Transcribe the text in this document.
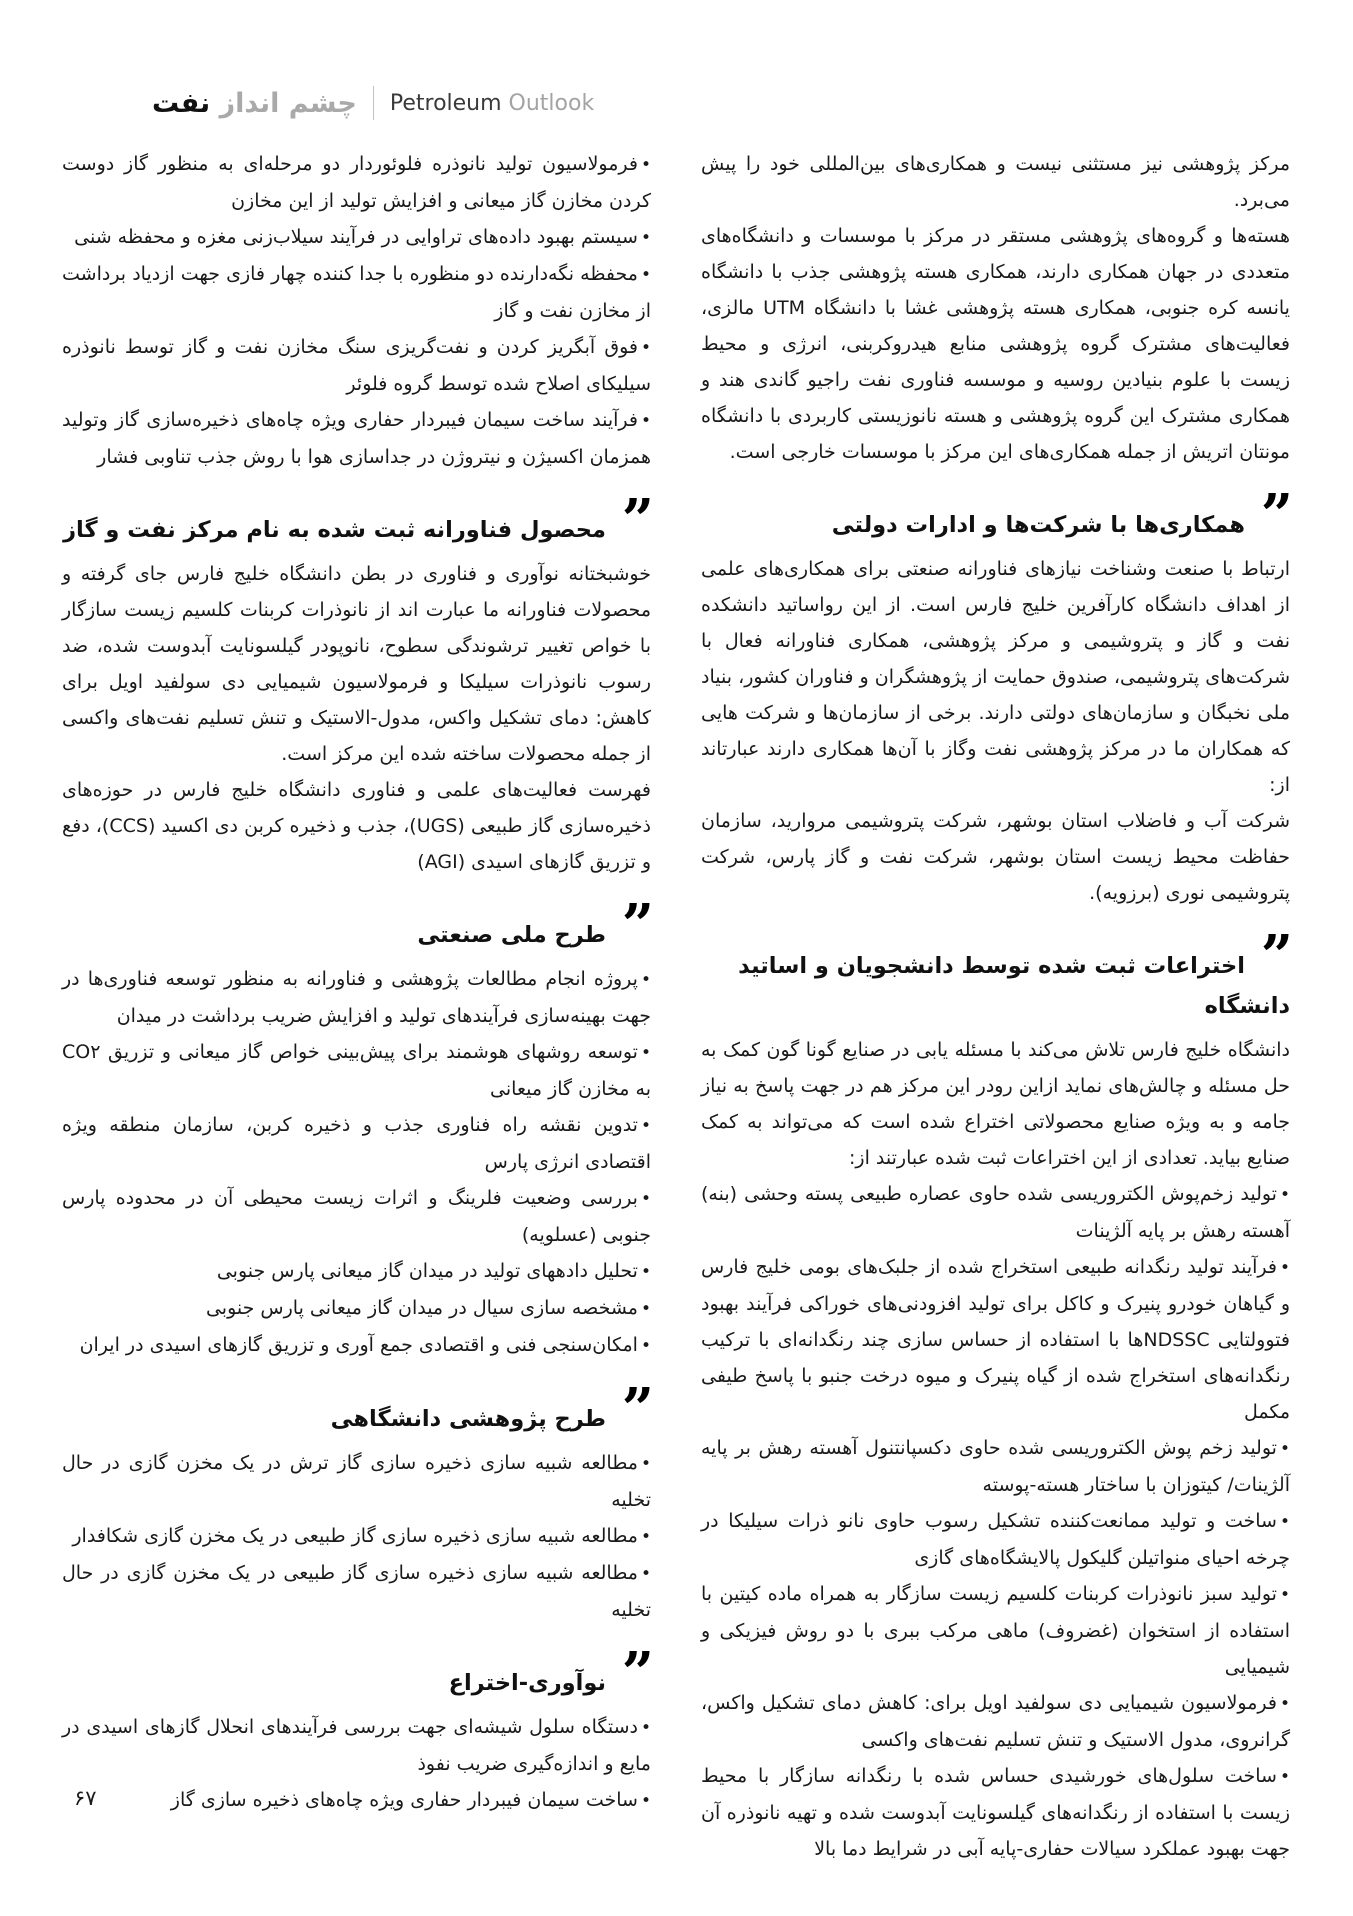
چشم انداز نفت	Petroleum Outlook

مرکز پژوهشی نیز مستثنی نیست و همکاری‌های بین‌المللی خود را پیش می‌برد.

هسته‌ها و گروه‌های پژوهشی مستقر در مرکز با موسسات و دانشگاه‌های متعددی در جهان همکاری دارند، همکاری هسته پژوهشی جذب با دانشگاه یانسه کره جنوبی، همکاری هسته پژوهشی غشا با دانشگاه UTM مالزی، فعالیت‌های مشترک گروه پژوهشی منابع هیدروکربنی، انرژی و محیط زیست با علوم بنیادین روسیه و موسسه فناوری نفت راجیو گاندی هند و همکاری مشترک این گروه پژوهشی و هسته نانوزیستی کاربردی با دانشگاه مونتان اتریش از جمله همکاری‌های این مرکز با موسسات خارجی است.

” همکاری‌ها با شرکت‌ها و ادارات دولتی

ارتباط با صنعت وشناخت نیازهای فناورانه صنعتی برای همکاری‌های علمی از اهداف دانشگاه کارآفرین خلیج فارس است. از این رواساتید دانشکده نفت و گاز و پتروشیمی و مرکز پژوهشی، همکاری فناورانه فعال با شرکت‌های پتروشیمی، صندوق حمایت از پژوهشگران و فناوران کشور، بنیاد ملی نخبگان و سازمان‌های دولتی دارند. برخی از سازمان‌ها و شرکت هایی که همکاران ما در مرکز پژوهشی نفت وگاز با آن‌ها همکاری دارند عبارتاند از:

شرکت آب و فاضلاب استان بوشهر، شرکت پتروشیمی مروارید، سازمان حفاظت محیط زیست استان بوشهر، شرکت نفت و گاز پارس، شرکت پتروشیمی نوری (برزویه).

” اختراعات ثبت شده توسط دانشجویان و اساتید دانشگاه

دانشگاه خلیج فارس تلاش می‌کند با مسئله یابی در صنایع گونا گون کمک به حل مسئله و چالش‌های نماید ازاین رودر این مرکز هم در جهت پاسخ به نیاز جامه و به ویژه صنایع محصولاتی اختراع شده است که می‌تواند به کمک صنایع بیاید. تعدادی از این اختراعات ثبت شده عبارتند از:

• تولید زخم‌پوش الکتروریسی شده حاوی عصاره طبیعی پسته وحشی (بنه) آهسته رهش بر پایه آلژینات
• فرآیند تولید رنگدانه طبیعی استخراج شده از جلبک‌های بومی خلیج فارس و گیاهان خودرو پنیرک و کاکل برای تولید افزودنی‌های خوراکی فرآیند بهبود فتوولتایی NDSSCها با استفاده از حساس سازی چند رنگدانه‌ای با ترکیب رنگدانه‌های استخراج شده از گیاه پنیرک و میوه درخت جنبو با پاسخ طیفی مکمل
• تولید زخم پوش الکتروریسی شده حاوی دکسپانتنول آهسته رهش بر پایه آلژینات/ کیتوزان با ساختار هسته-پوسته
• ساخت و تولید ممانعت‌کننده تشکیل رسوب حاوی نانو ذرات سیلیکا در چرخه احیای منواتیلن گلیکول پالایشگاه‌های گازی
• تولید سبز نانوذرات کربنات کلسیم زیست سازگار به همراه ماده کیتین با استفاده از استخوان (غضروف) ماهی مرکب ببری با دو روش فیزیکی و شیمیایی
• فرمولاسیون شیمیایی دی سولفید اویل برای: کاهش دمای تشکیل واکس، گرانروی، مدول الاستیک و تنش تسلیم نفت‌های واکسی
• ساخت سلول‌های خورشیدی حساس شده با رنگدانه سازگار با محیط زیست با استفاده از رنگدانه‌های گیلسونایت آبدوست شده و تهیه نانوذره آن جهت بهبود عملکرد سیالات حفاری-پایه آبی در شرایط دما بالا
• فرمولاسیون تولید نانوذره فلوئوردار دو مرحله‌ای به منظور گاز دوست کردن مخازن گاز میعانی و افزایش تولید از این مخازن
• سیستم بهبود داده‌های تراوایی در فرآیند سیلاب‌زنی مغزه و محفظه شنی
• محفظه نگه‌دارنده دو منظوره با جدا کننده چهار فازی جهت ازدیاد برداشت از مخازن نفت و گاز
• فوق آبگریز کردن و نفت‌گریزی سنگ مخازن نفت و گاز توسط نانوذره سیلیکای اصلاح شده توسط گروه فلوئر
• فرآیند ساخت سیمان فیبردار حفاری ویژه چاه‌های ذخیره‌سازی گاز وتولید همزمان اکسیژن و نیتروژن در جداسازی هوا با روش جذب تناوبی فشار
” محصول فناورانه ثبت شده به نام مرکز نفت و گاز

خوشبختانه نوآوری و فناوری در بطن دانشگاه خلیج فارس جای گرفته و محصولات فناورانه ما عبارت اند از نانوذرات کربنات کلسیم زیست سازگار با خواص تغییر ترشوندگی سطوح، نانوپودر گیلسونایت آبدوست شده، ضد رسوب نانوذرات سیلیکا و فرمولاسیون شیمیایی دی سولفید اویل برای کاهش: دمای تشکیل واکس، مدول-الاستیک و تنش تسلیم نفت‌های واکسی از جمله محصولات ساخته شده این مرکز است.

فهرست فعالیت‌های علمی و فناوری دانشگاه خلیج فارس در حوزه‌های ذخیره‌سازی گاز طبیعی (UGS)، جذب و ذخیره کربن دی اکسید (CCS)، دفع و تزریق گازهای اسیدی (AGI)

” طرح ملی صنعتی
• پروژه انجام مطالعات پژوهشی و فناورانه به منظور توسعه فناوری‌ها در جهت بهینه‌سازی فرآیندهای تولید و افزایش ضریب برداشت در میدان
• توسعه روشهای هوشمند برای پیش‌بینی خواص گاز میعانی و تزریق CO۲ به مخازن گاز میعانی
• تدوین نقشه راه فناوری جذب و ذخیره کربن، سازمان منطقه ویژه اقتصادی انرژی پارس
• بررسی وضعیت فلرینگ و اثرات زیست محیطی آن در محدوده پارس جنوبی (عسلویه)
• تحلیل دادههای تولید در میدان گاز میعانی پارس جنوبی
• مشخصه سازی سیال در میدان گاز میعانی پارس جنوبی
• امکان‌سنجی فنی و اقتصادی جمع آوری و تزریق گازهای اسیدی در ایران
” طرح پژوهشی دانشگاهی
• مطالعه شبیه سازی ذخیره سازی گاز ترش در یک مخزن گازی در حال تخلیه
• مطالعه شبیه سازی ذخیره سازی گاز طبیعی در یک مخزن گازی شکافدار
• مطالعه شبیه سازی ذخیره سازی گاز طبیعی در یک مخزن گازی در حال تخلیه
” نوآوری-اختراع
• دستگاه سلول شیشه‌ای جهت بررسی فرآیندهای انحلال گازهای اسیدی در مایع و اندازه‌گیری ضریب نفوذ
• ساخت سیمان فیبردار حفاری ویژه چاه‌های ذخیره سازی گاز
۶۷
